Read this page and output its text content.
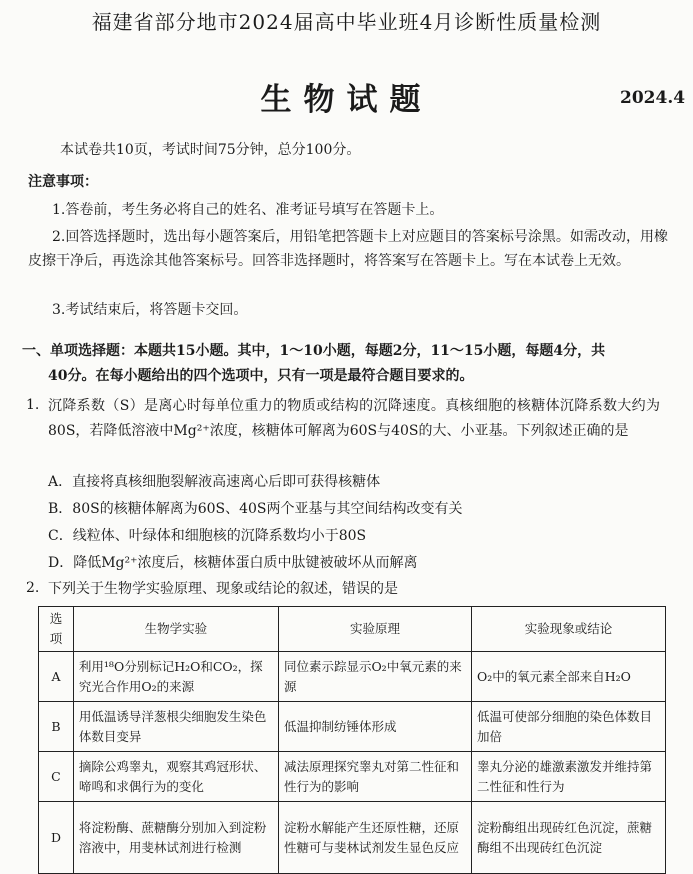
福建省部分地市2024届高中毕业班4月诊断性质量检测
生物试题	2024.4
本试卷共10页，考试时间75分钟，总分100分。
注意事项：
1.答卷前，考生务必将自己的姓名、准考证号填写在答题卡上。
2.回答选择题时，选出每小题答案后，用铅笔把答题卡上对应题目的答案标号涂黑。如需改动，用橡皮擦干净后，再选涂其他答案标号。回答非选择题时，将答案写在答题卡上。写在本试卷上无效。
3.考试结束后，将答题卡交回。
一、单项选择题：本题共15小题。其中，1～10小题，每题2分，11～15小题，每题4分，共
40分。在每小题给出的四个选项中，只有一项是最符合题目要求的。
1. 沉降系数（S）是离心时每单位重力的物质或结构的沉降速度。真核细胞的核糖体沉降系数大约为80S，若降低溶液中Mg²⁺浓度，核糖体可解离为60S与40S的大、小亚基。下列叙述正确的是
A．直接将真核细胞裂解液高速离心后即可获得核糖体
B．80S的核糖体解离为60S、40S两个亚基与其空间结构改变有关
C．线粒体、叶绿体和细胞核的沉降系数均小于80S
D．降低Mg²⁺浓度后，核糖体蛋白质中肽键被破坏从而解离
2. 下列关于生物学实验原理、现象或结论的叙述，错误的是
选项	生物学实验	实验原理	实验现象或结论
A	利用¹⁸O分别标记H₂O和CO₂，探究光合作用O₂的来源	同位素示踪显示O₂中氧元素的来源	O₂中的氧元素全部来自H₂O
B	用低温诱导洋葱根尖细胞发生染色体数目变异	低温抑制纺锤体形成	低温可使部分细胞的染色体数目加倍
C	摘除公鸡睾丸，观察其鸡冠形状、啼鸣和求偶行为的变化	减法原理探究睾丸对第二性征和性行为的影响	睾丸分泌的雄激素激发并维持第二性征和性行为
D	将淀粉酶、蔗糖酶分别加入到淀粉溶液中，用斐林试剂进行检测	淀粉水解能产生还原性糖，还原性糖可与斐林试剂发生显色反应	淀粉酶组出现砖红色沉淀，蔗糖酶组不出现砖红色沉淀
